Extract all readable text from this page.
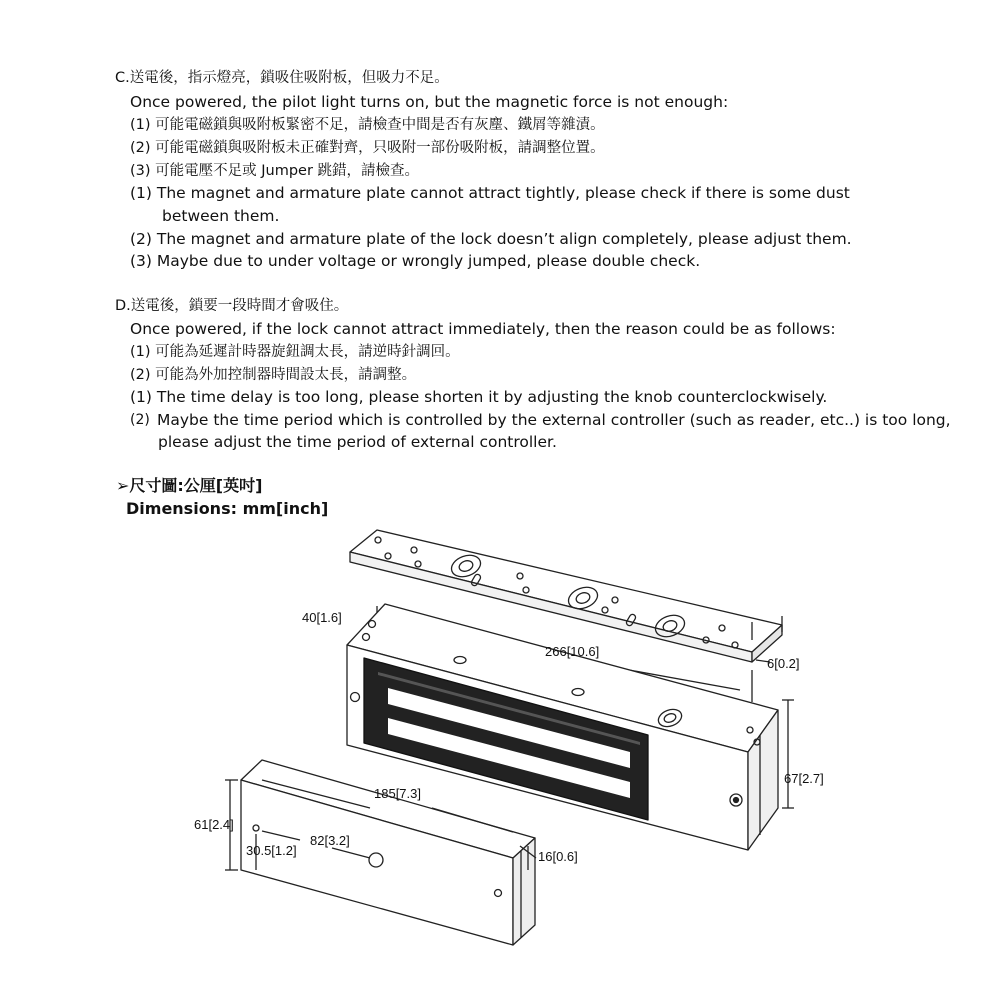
C.送電後，指示燈亮，鎖吸住吸附板，但吸力不足。
Once powered, the pilot light turns on, but the magnetic force is not enough:
(1) 可能電磁鎖與吸附板緊密不足，請檢查中間是否有灰塵、鐵屑等雜漬。
(2) 可能電磁鎖與吸附板未正確對齊，只吸附一部份吸附板，請調整位置。
(3) 可能電壓不足或 Jumper 跳錯，請檢查。
(1) The magnet and armature plate cannot attract tightly, please check if there is some dust
between them.
(2) The magnet and armature plate of the lock doesn’t align completely, please adjust them.
(3) Maybe due to under voltage or wrongly jumped, please double check.
D.送電後，鎖要一段時間才會吸住。
Once powered, if the lock cannot attract immediately, then the reason could be as follows:
(1) 可能為延遲計時器旋鈕調太長，請逆時針調回。
(2) 可能為外加控制器時間設太長，請調整。
(1) The time delay is too long, please shorten it by adjusting the knob counterclockwisely.
(2) Maybe the time period which is controlled by the external controller (such as reader, etc..) is too long,
please adjust the time period of external controller.
➢尺寸圖:公厘[英吋]
Dimensions: mm[inch]
40[1.6]
266[10.6]
6[0.2]
67[2.7]
185[7.3]
61[2.4]
30.5[1.2]
82[3.2]
16[0.6]
